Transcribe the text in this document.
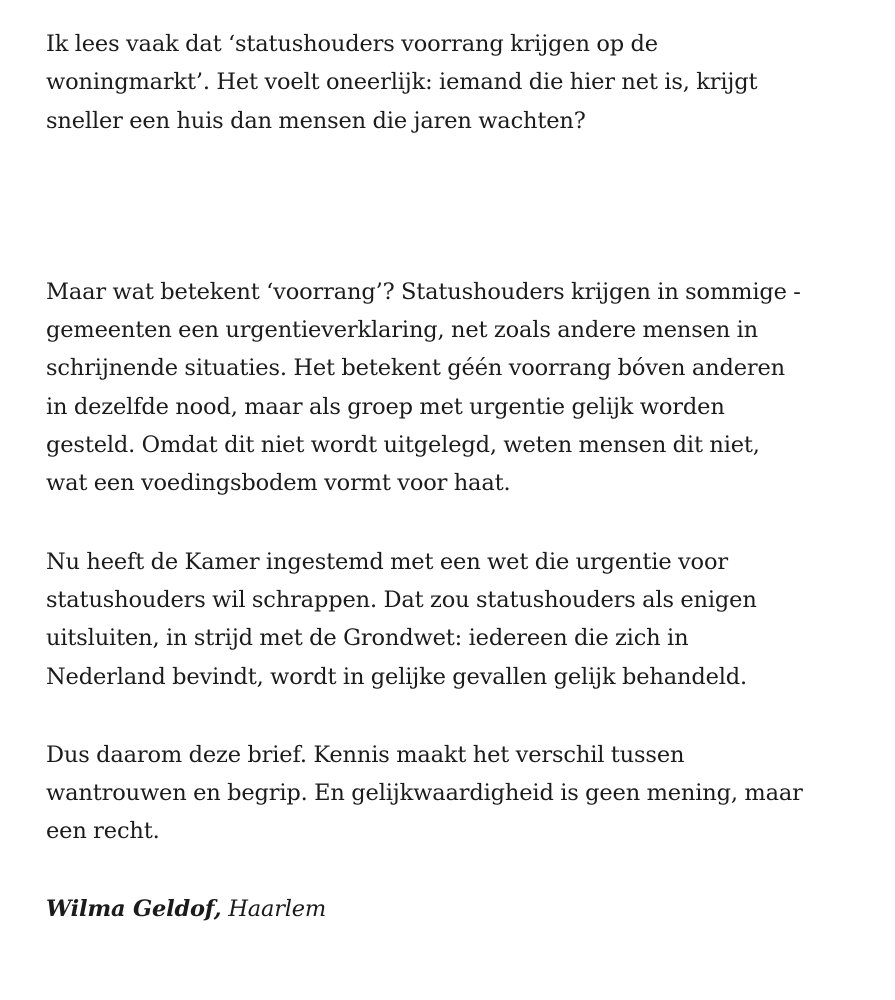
Ik lees vaak dat ‘statushouders voorrang krijgen op de
woningmarkt’. Het voelt oneerlijk: iemand die hier net is, krijgt
sneller een huis dan mensen die jaren wachten?

Maar wat betekent ‘voorrang’? Statushouders krijgen in sommige -
gemeenten een urgentieverklaring, net zoals andere mensen in
schrijnende situaties. Het betekent géén voorrang bóven anderen
in dezelfde nood, maar als groep met urgentie gelijk worden
gesteld. Omdat dit niet wordt uitgelegd, weten mensen dit niet,
wat een voedingsbodem vormt voor haat.

Nu heeft de Kamer ingestemd met een wet die urgentie voor
statushouders wil schrappen. Dat zou statushouders als enigen
uitsluiten, in strijd met de Grondwet: iedereen die zich in
Nederland bevindt, wordt in gelijke gevallen gelijk behandeld.

Dus daarom deze brief. Kennis maakt het verschil tussen
wantrouwen en begrip. En gelijkwaardigheid is geen mening, maar
een recht.

Wilma Geldof, Haarlem
